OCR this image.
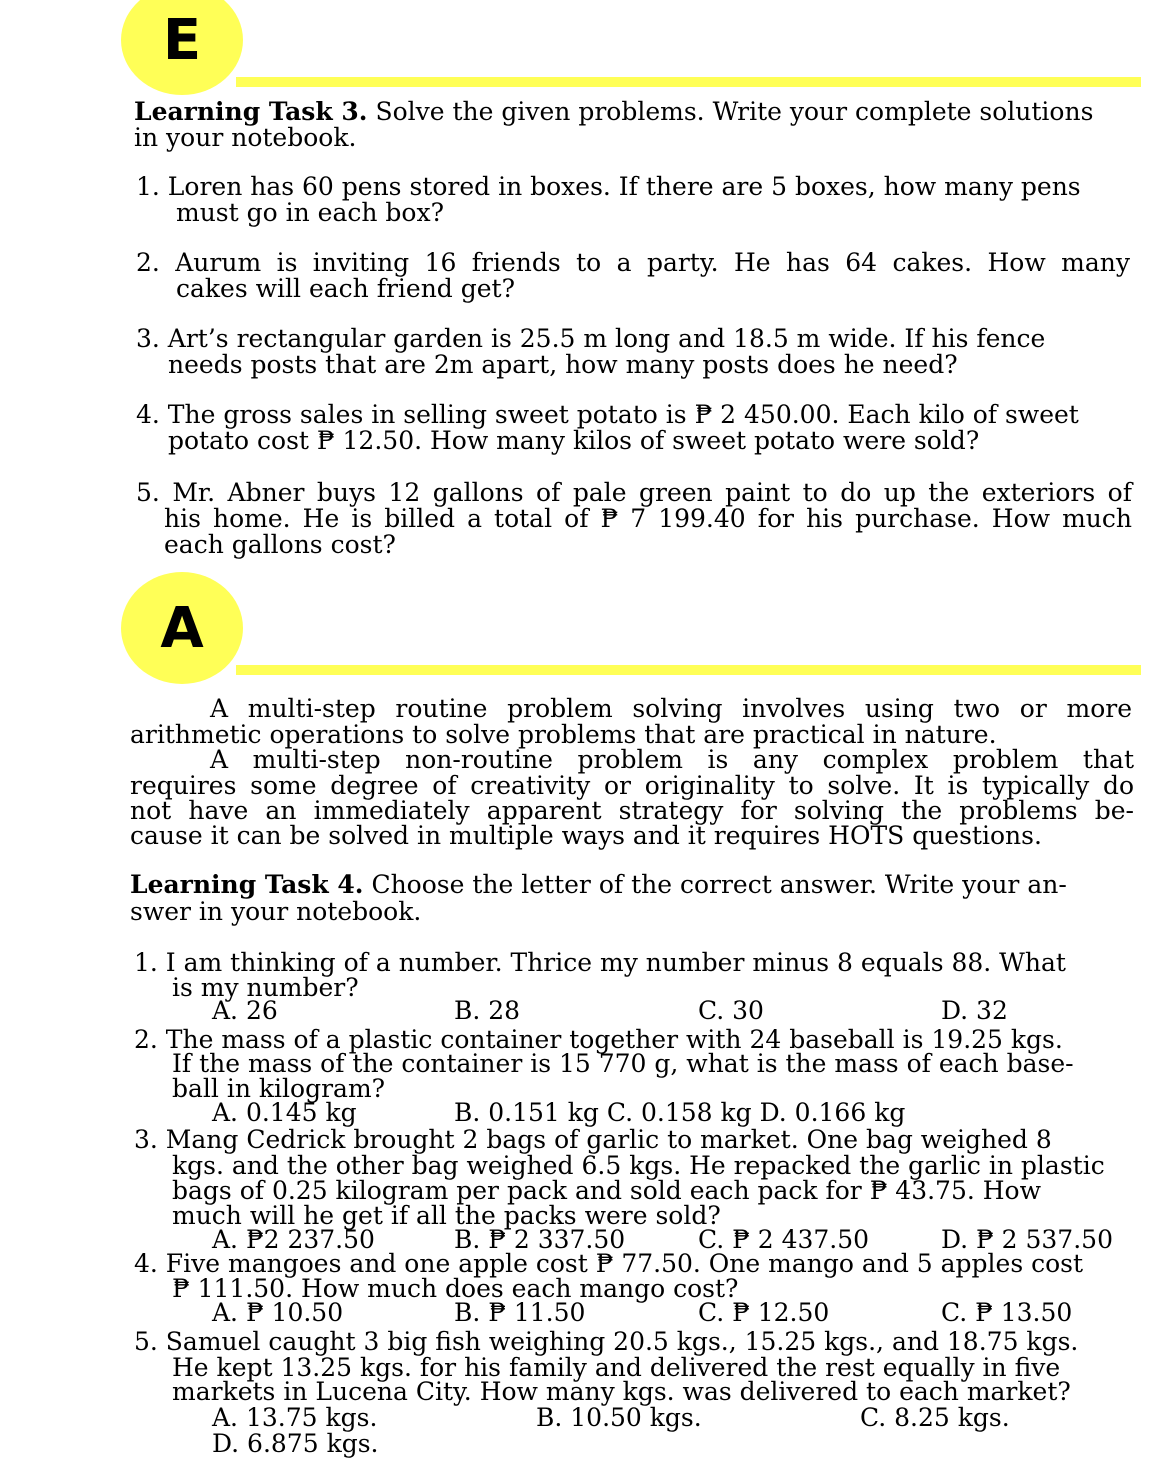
E
Learning Task 3. Solve the given problems. Write your complete solutions
in your notebook.
1. Loren has 60 pens stored in boxes. If there are 5 boxes, how many pens
must go in each box?
2. Aurum is inviting 16 friends to a party. He has 64 cakes. How many
cakes will each friend get?
3. Art’s rectangular garden is 25.5 m long and 18.5 m wide. If his fence
needs posts that are 2m apart, how many posts does he need?
4. The gross sales in selling sweet potato is ₱ 2 450.00. Each kilo of sweet
potato cost ₱ 12.50. How many kilos of sweet potato were sold?
5. Mr. Abner buys 12 gallons of pale green paint to do up the exteriors of
his home. He is billed a total of ₱ 7 199.40 for his purchase. How much
each gallons cost?
A
A multi-step routine problem solving involves using two or more
arithmetic operations to solve problems that are practical in nature.
A multi-step non-routine problem is any complex problem that
requires some degree of creativity or originality to solve. It is typically do
not have an immediately apparent strategy for solving the problems be-
cause it can be solved in multiple ways and it requires HOTS questions.
Learning Task 4. Choose the letter of the correct answer. Write your an-
swer in your notebook.
1. I am thinking of a number. Thrice my number minus 8 equals 88. What
is my number?
A. 26	B. 28	C. 30	D. 32
2. The mass of a plastic container together with 24 baseball is 19.25 kgs.
If the mass of the container is 15 770 g, what is the mass of each base-
ball in kilogram?
A. 0.145 kg	B. 0.151 kg C. 0.158 kg D. 0.166 kg
3. Mang Cedrick brought 2 bags of garlic to market. One bag weighed 8
kgs. and the other bag weighed 6.5 kgs. He repacked the garlic in plastic
bags of 0.25 kilogram per pack and sold each pack for ₱ 43.75. How
much will he get if all the packs were sold?
A. ₱2 237.50	B. ₱ 2 337.50	C. ₱ 2 437.50	D. ₱ 2 537.50
4. Five mangoes and one apple cost ₱ 77.50. One mango and 5 apples cost
₱ 111.50. How much does each mango cost?
A. ₱ 10.50	B. ₱ 11.50	C. ₱ 12.50	C. ₱ 13.50
5. Samuel caught 3 big fish weighing 20.5 kgs., 15.25 kgs., and 18.75 kgs.
He kept 13.25 kgs. for his family and delivered the rest equally in five
markets in Lucena City. How many kgs. was delivered to each market?
A. 13.75 kgs.	B. 10.50 kgs.	C. 8.25 kgs.
D. 6.875 kgs.
